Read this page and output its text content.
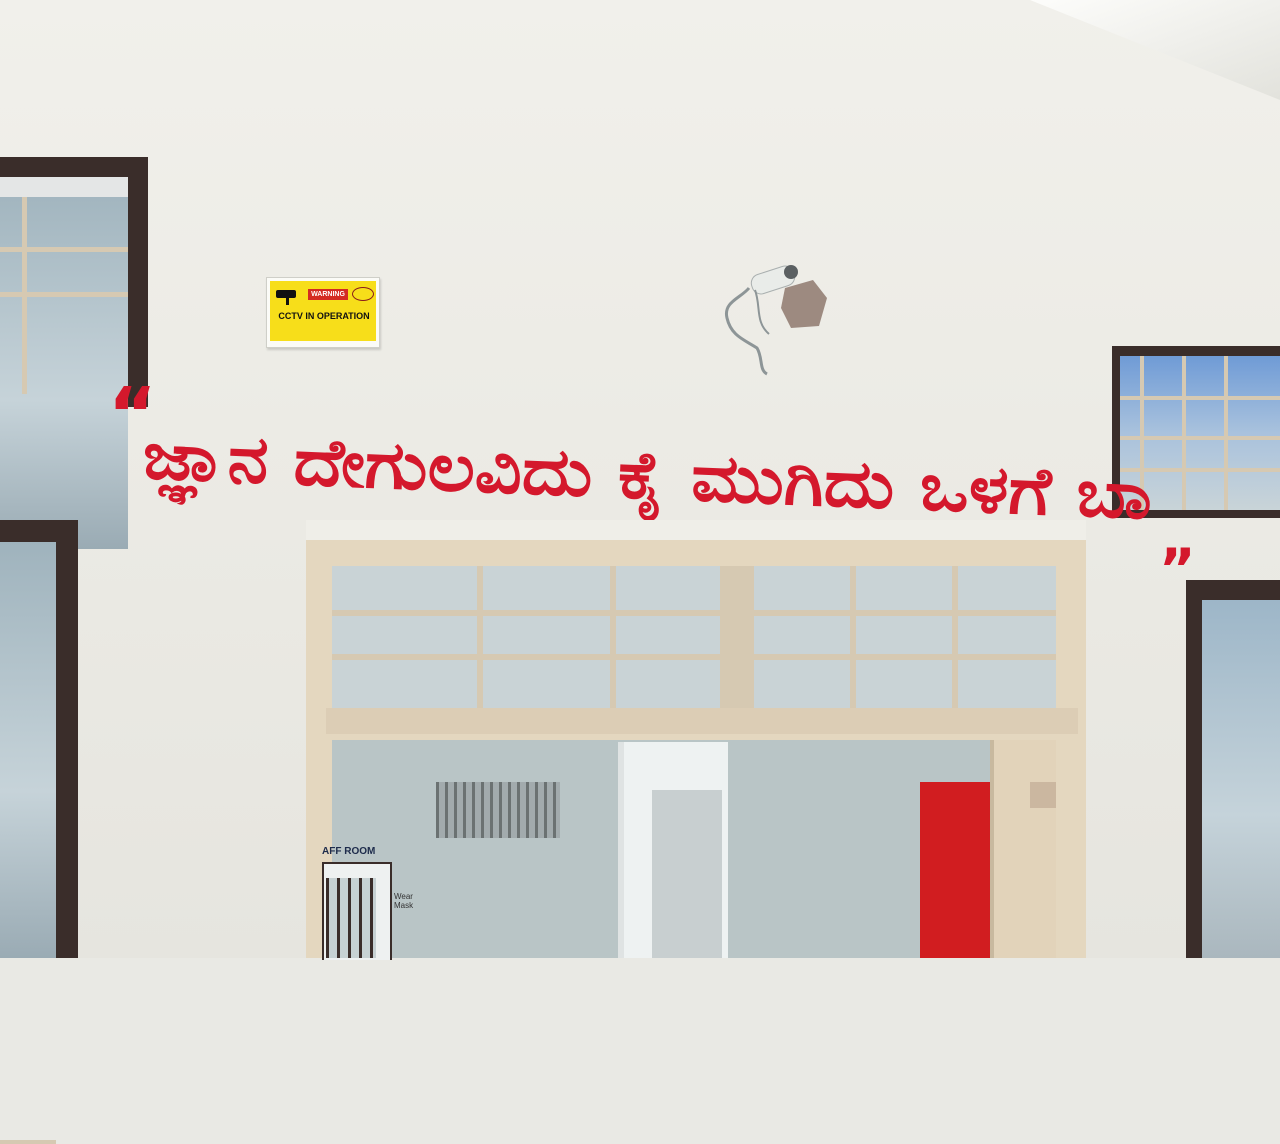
WARNING
CCTV IN OPERATION
“
ಜ್ಞಾನ ದೇಗುಲವಿದು ಕೈ ಮುಗಿದು ಒಳಗೆ ಬಾ
„
AFF ROOM
Wear Mask
